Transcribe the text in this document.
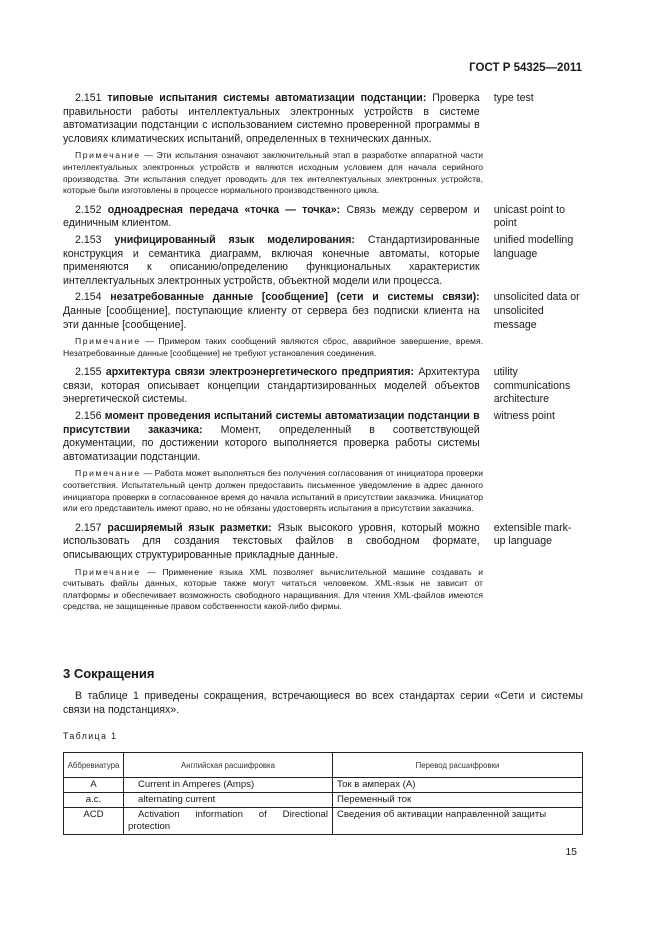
ГОСТ Р 54325—2011
2.151 типовые испытания системы автоматизации подстанции: Проверка правильности работы интеллектуальных электронных устройств в системе автоматизации подстанции с использованием системно проверенной программы в условиях климатических испытаний, определенных в технических данных.
type test
Примечание — Эти испытания означают заключительный этап в разработке аппаратной части интеллектуальных электронных устройств и являются исходным условием для начала серийного производства. Эти испытания следует проводить для тех интеллектуальных электронных устройств, которые были изготовлены в процессе нормального производственного цикла.
2.152 одноадресная передача «точка — точка»: Связь между сервером и единичным клиентом.
unicast point to point
2.153 унифицированный язык моделирования: Стандартизированные конструкция и семантика диаграмм, включая конечные автоматы, которые применяются к описанию/определению функциональных характеристик интеллектуальных электронных устройств, объектной модели или процесса.
unified modelling language
2.154 незатребованные данные [сообщение] (сети и системы связи): Данные [сообщение], поступающие клиенту от сервера без подписки клиента на эти данные [сообщение].
unsolicited data or unsolicited message
Примечание — Примером таких сообщений являются сброс, аварийное завершение, время. Незатребованные данные [сообщение] не требуют установления соединения.
2.155 архитектура связи электроэнергетического предприятия: Архитектура связи, которая описывает концепции стандартизированных моделей объектов энергетической системы.
utility communications architecture
2.156 момент проведения испытаний системы автоматизации подстанции в присутствии заказчика: Момент, определенный в соответствующей документации, по достижении которого выполняется проверка работы системы автоматизации подстанции.
witness point
Примечание — Работа может выполняться без получения согласования от инициатора проверки соответствия. Испытательный центр должен предоставить письменное уведомление в адрес данного инициатора проверки в согласованное время до начала испытаний в присутствии заказчика. Инициатор или его представитель имеют право, но не обязаны удостоверять испытания в присутствии заказчика.
2.157 расширяемый язык разметки: Язык высокого уровня, который можно использовать для создания текстовых файлов в свободном формате, описывающих структурированные прикладные данные.
extensible mark-up language
Примечание — Применение языка XML позволяет вычислительной машине создавать и считывать файлы данных, которые также могут читаться человеком. XML-язык не зависит от платформы и обеспечивает возможность свободного наращивания. Для чтения XML-файлов имеются средства, не защищенные правом собственности какой-либо фирмы.
3 Сокращения
В таблице 1 приведены сокращения, встречающиеся во всех стандартах серии «Сети и системы связи на подстанциях».
Таблица 1
Аббревиатура	Английская расшифровка	Перевод расшифровки
A	Current in Amperes (Amps)	Ток в амперах (А)
a.c.	alternating current	Переменный ток
ACD	Activation information of Directional protection	Сведения об активации направленной защиты
15
